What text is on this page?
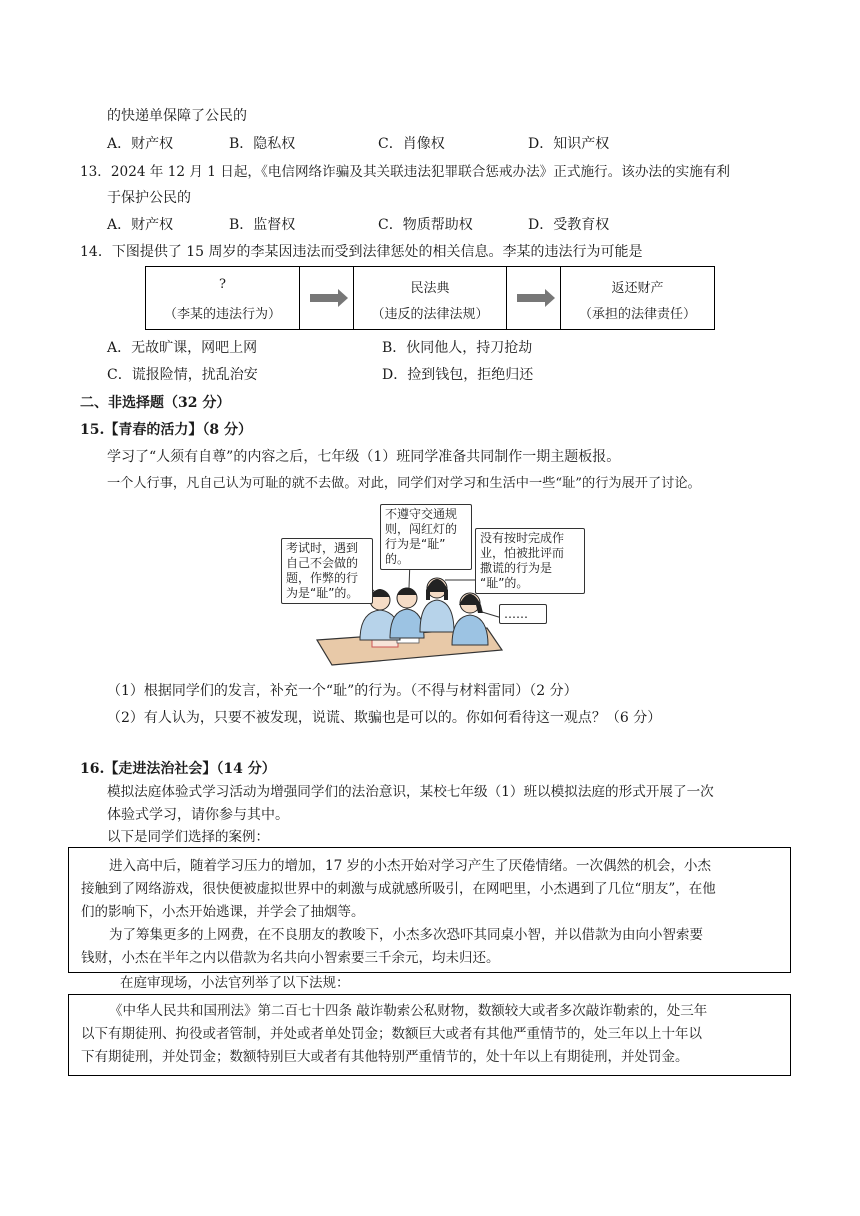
的快递单保障了公民的
A．财产权	B．隐私权	C．肖像权	D．知识产权
13．2024 年 12 月 1 日起，《电信网络诈骗及其关联违法犯罪联合惩戒办法》正式施行。该办法的实施有利
于保护公民的
A．财产权	B．监督权	C．物质帮助权	D．受教育权
14．下图提供了 15 周岁的李某因违法而受到法律惩处的相关信息。李某的违法行为可能是
?
（李某的违法行为）
民法典
（违反的法律法规）
返还财产
（承担的法律责任）
A．无故旷课，网吧上网	B．伙同他人，持刀抢劫
C．谎报险情，扰乱治安	D．捡到钱包，拒绝归还
二、非选择题（32 分）
15.【青春的活力】（8 分）
学习了“人须有自尊”的内容之后，七年级（1）班同学准备共同制作一期主题板报。
一个人行事，凡自己认为可耻的就不去做。对此，同学们对学习和生活中一些“耻”的行为展开了讨论。
考试时，遇到
自己不会做的
题，作弊的行
为是“耻”的。
不遵守交通规
则，闯红灯的
行为是“耻”
的。
没有按时完成作
业，怕被批评而
撒谎的行为是
“耻”的。
……
（1）根据同学们的发言，补充一个“耻”的行为。（不得与材料雷同）（2 分）
（2）有人认为，只要不被发现，说谎、欺骗也是可以的。你如何看待这一观点？（6 分）
16.【走进法治社会】（14 分）
模拟法庭体验式学习活动为增强同学们的法治意识，某校七年级（1）班以模拟法庭的形式开展了一次
体验式学习，请你参与其中。
以下是同学们选择的案例：

进入高中后，随着学习压力的增加，17 岁的小杰开始对学习产生了厌倦情绪。一次偶然的机会，小杰

接触到了网络游戏，很快便被虚拟世界中的刺激与成就感所吸引，在网吧里，小杰遇到了几位“朋友”，在他

们的影响下，小杰开始逃课，并学会了抽烟等。

为了筹集更多的上网费，在不良朋友的教唆下，小杰多次恐吓其同桌小智，并以借款为由向小智索要

钱财，小杰在半年之内以借款为名共向小智索要三千余元，均未归还。

在庭审现场，小法官列举了以下法规：

《中华人民共和国刑法》第二百七十四条 敲诈勒索公私财物，数额较大或者多次敲诈勒索的，处三年

以下有期徒刑、拘役或者管制，并处或者单处罚金；数额巨大或者有其他严重情节的，处三年以上十年以

下有期徒刑，并处罚金；数额特别巨大或者有其他特别严重情节的，处十年以上有期徒刑，并处罚金。
